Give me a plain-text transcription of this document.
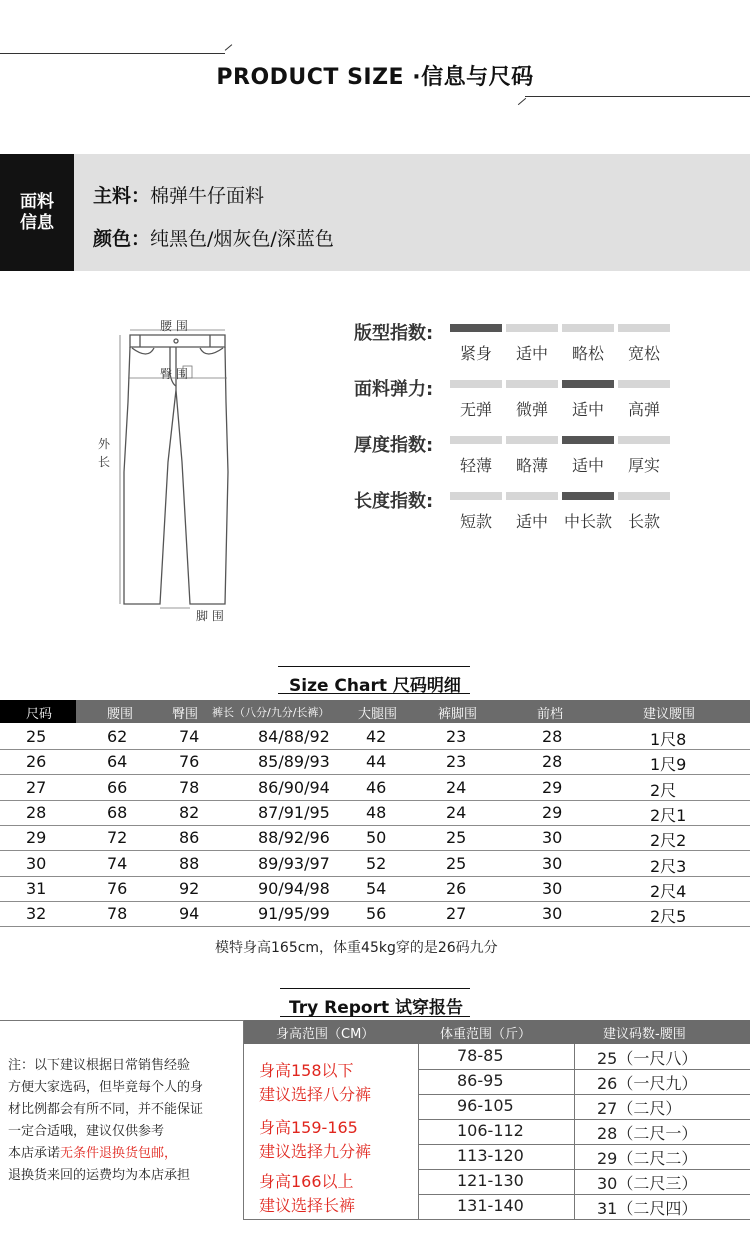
PRODUCT SIZE ·信息与尺码
面料
信息
主料：棉弹牛仔面料
颜色：纯黑色/烟灰色/深蓝色
腰 围
臀 围
外
长
脚 围
版型指数:
紧身	适中	略松	宽松
面料弹力:
无弹	微弹	适中	高弹
厚度指数:
轻薄	略薄	适中	厚实
长度指数:
短款	适中 中长款 长款
Size Chart 尺码明细
尺码	腰围	臀围 裤长（八分/九分/长裤） 大腿围	裤脚围	前档	建议腰围
25	62	74	84/88/92 42	23	28	1尺8
26	64	76	85/89/93 44	23	28	1尺9
27	66	78	86/90/94 46	24	29	2尺
28	68	82	87/91/95 48	24	29	2尺1
29	72	86	88/92/96 50	25	30	2尺2
30	74	88	89/93/97 52	25	30	2尺3
31	76	92	90/94/98 54	26	30	2尺4
32	78	94	91/95/99 56	27	30	2尺5
模特身高165cm，体重45kg穿的是26码九分
Try Report 试穿报告
身高范围（CM）	体重范围（斤）	建议码数-腰围
注：以下建议根据日常销售经验
方便大家选码，但毕竟每个人的身
材比例都会有所不同，并不能保证
一定合适哦，建议仅供参考
本店承诺无条件退换货包邮，
退换货来回的运费均为本店承担
身高158以下
建议选择八分裤
身高159-165
建议选择九分裤
身高166以上
建议选择长裤
78-85	25（一尺八）
86-95	26（一尺九）
96-105	27（二尺）
106-112	28（二尺一）
113-120	29（二尺二）
121-130	30（二尺三）
131-140	31（二尺四）
